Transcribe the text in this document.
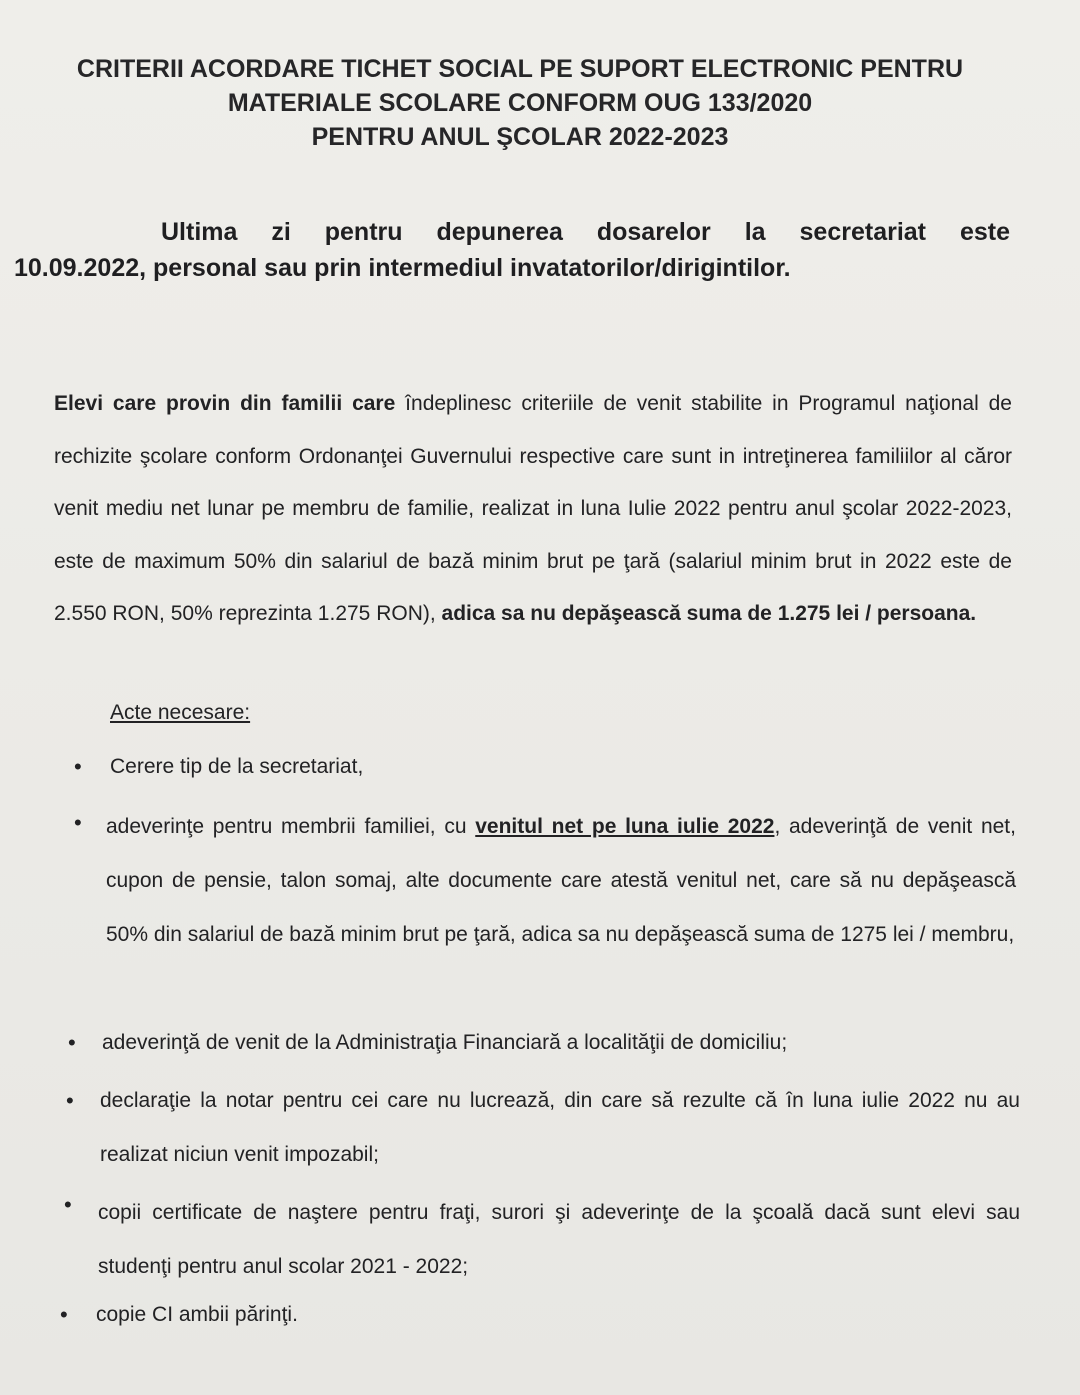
CRITERII ACORDARE TICHET SOCIAL PE SUPORT ELECTRONIC PENTRU
MATERIALE SCOLARE CONFORM OUG 133/2020
PENTRU ANUL ŞCOLAR 2022-2023
Ultima zi pentru depunerea dosarelor la secretariat este
10.09.2022, personal sau prin intermediul invatatorilor/dirigintilor.
Elevi care provin din familii care îndeplinesc criteriile de venit stabilite in Programul naţional de rechizite şcolare conform Ordonanţei Guvernului respective care sunt in intreţinerea familiilor al căror venit mediu net lunar pe membru de familie, realizat in luna Iulie 2022 pentru anul şcolar 2022-2023, este de maximum 50% din salariul de bază minim brut pe ţară (salariul minim brut in 2022 este de 2.550 RON, 50% reprezinta 1.275 RON), adica sa nu depăşească suma de 1.275 lei / persoana.
Acte necesare:
• Cerere tip de la secretariat,
• adeverinţe pentru membrii familiei, cu venitul net pe luna iulie 2022, adeverinţă de venit net, cupon de pensie, talon somaj, alte documente care atestă venitul net, care să nu depăşească 50% din salariul de bază minim brut pe ţară, adica sa nu depăşească suma de 1275 lei / membru,
• adeverinţă de venit de la Administraţia Financiară a localităţii de domiciliu;
• declaraţie la notar pentru cei care nu lucrează, din care să rezulte că în luna iulie 2022 nu au realizat niciun venit impozabil;
• copii certificate de naştere pentru fraţi, surori şi adeverinţe de la şcoală dacă sunt elevi sau studenţi pentru anul scolar 2021 - 2022;
• copie CI ambii părinţi.
